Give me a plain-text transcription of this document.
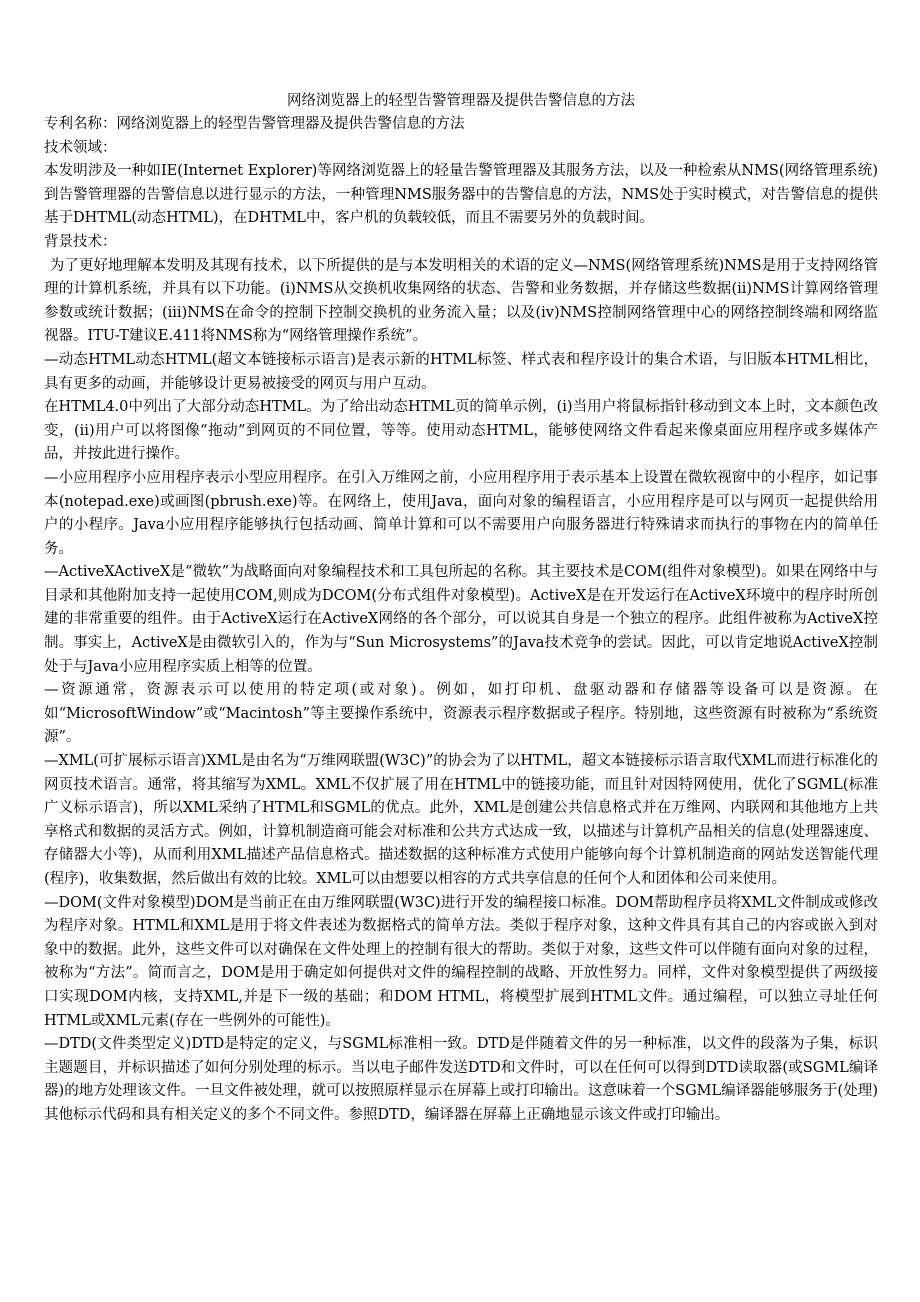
网络浏览器上的轻型告警管理器及提供告警信息的方法

专利名称：网络浏览器上的轻型告警管理器及提供告警信息的方法

技术领域：

本发明涉及一种如IE(Internet Explorer)等网络浏览器上的轻量告警管理器及其服务方法，以及一种检索从NMS(网络管理系统)到告警管理器的告警信息以进行显示的方法，一种管理NMS服务器中的告警信息的方法，NMS处于实时模式，对告警信息的提供基于DHTML(动态HTML)，在DHTML中，客户机的负载较低，而且不需要另外的负载时间。

背景技术：

为了更好地理解本发明及其现有技术，以下所提供的是与本发明相关的术语的定义—NMS(网络管理系统)NMS是用于支持网络管理的计算机系统，并具有以下功能。(i)NMS从交换机收集网络的状态、告警和业务数据，并存储这些数据(ii)NMS计算网络管理参数或统计数据；(iii)NMS在命令的控制下控制交换机的业务流入量；以及(iv)NMS控制网络管理中心的网络控制终端和网络监视器。ITU-T建议E.411将NMS称为“网络管理操作系统”。

—动态HTML动态HTML(超文本链接标示语言)是表示新的HTML标签、样式表和程序设计的集合术语，与旧版本HTML相比，具有更多的动画，并能够设计更易被接受的网页与用户互动。

在HTML4.0中列出了大部分动态HTML。为了给出动态HTML页的简单示例，(i)当用户将鼠标指针移动到文本上时，文本颜色改变，(ii)用户可以将图像“拖动”到网页的不同位置，等等。使用动态HTML，能够使网络文件看起来像桌面应用程序或多媒体产品，并按此进行操作。

—小应用程序小应用程序表示小型应用程序。在引入万维网之前，小应用程序用于表示基本上设置在微软视窗中的小程序，如记事本(notepad.exe)或画图(pbrush.exe)等。在网络上，使用Java，面向对象的编程语言，小应用程序是可以与网页一起提供给用户的小程序。Java小应用程序能够执行包括动画、简单计算和可以不需要用户向服务器进行特殊请求而执行的事物在内的简单任务。

—ActiveXActiveX是“微软”为战略面向对象编程技术和工具包所起的名称。其主要技术是COM(组件对象模型)。如果在网络中与目录和其他附加支持一起使用COM,则成为DCOM(分布式组件对象模型)。ActiveX是在开发运行在ActiveX环境中的程序时所创建的非常重要的组件。由于ActiveX运行在ActiveX网络的各个部分，可以说其自身是一个独立的程序。此组件被称为ActiveX控制。事实上，ActiveX是由微软引入的，作为与“Sun Microsystems”的Java技术竞争的尝试。因此，可以肯定地说ActiveX控制处于与Java小应用程序实质上相等的位置。

—资源通常，资源表示可以使用的特定项(或对象)。例如，如打印机、盘驱动器和存储器等设备可以是资源。在如“MicrosoftWindow”或“Macintosh”等主要操作系统中，资源表示程序数据或子程序。特别地，这些资源有时被称为“系统资源”。

—XML(可扩展标示语言)XML是由名为“万维网联盟(W3C)”的协会为了以HTML，超文本链接标示语言取代XML而进行标准化的网页技术语言。通常，将其缩写为XML。XML不仅扩展了用在HTML中的链接功能，而且针对因特网使用，优化了SGML(标准广义标示语言)，所以XML采纳了HTML和SGML的优点。此外，XML是创建公共信息格式并在万维网、内联网和其他地方上共享格式和数据的灵活方式。例如，计算机制造商可能会对标准和公共方式达成一致，以描述与计算机产品相关的信息(处理器速度、存储器大小等)，从而利用XML描述产品信息格式。描述数据的这种标准方式使用户能够向每个计算机制造商的网站发送智能代理(程序)，收集数据，然后做出有效的比较。XML可以由想要以相容的方式共享信息的任何个人和团体和公司来使用。

—DOM(文件对象模型)DOM是当前正在由万维网联盟(W3C)进行开发的编程接口标准。DOM帮助程序员将XML文件制成或修改为程序对象。HTML和XML是用于将文件表述为数据格式的简单方法。类似于程序对象，这种文件具有其自己的内容或嵌入到对象中的数据。此外，这些文件可以对确保在文件处理上的控制有很大的帮助。类似于对象，这些文件可以伴随有面向对象的过程，被称为“方法”。简而言之，DOM是用于确定如何提供对文件的编程控制的战略、开放性努力。同样，文件对象模型提供了两级接口实现DOM内核，支持XML,并是下一级的基础；和DOM HTML，将模型扩展到HTML文件。通过编程，可以独立寻址任何HTML或XML元素(存在一些例外的可能性)。

—DTD(文件类型定义)DTD是特定的定义，与SGML标准相一致。DTD是伴随着文件的另一种标准，以文件的段落为子集，标识主题题目，并标识描述了如何分别处理的标示。当以电子邮件发送DTD和文件时，可以在任何可以得到DTD读取器(或SGML编译器)的地方处理该文件。一旦文件被处理，就可以按照原样显示在屏幕上或打印输出。这意味着一个SGML编译器能够服务于(处理)其他标示代码和具有相关定义的多个不同文件。参照DTD，编译器在屏幕上正确地显示该文件或打印输出。
